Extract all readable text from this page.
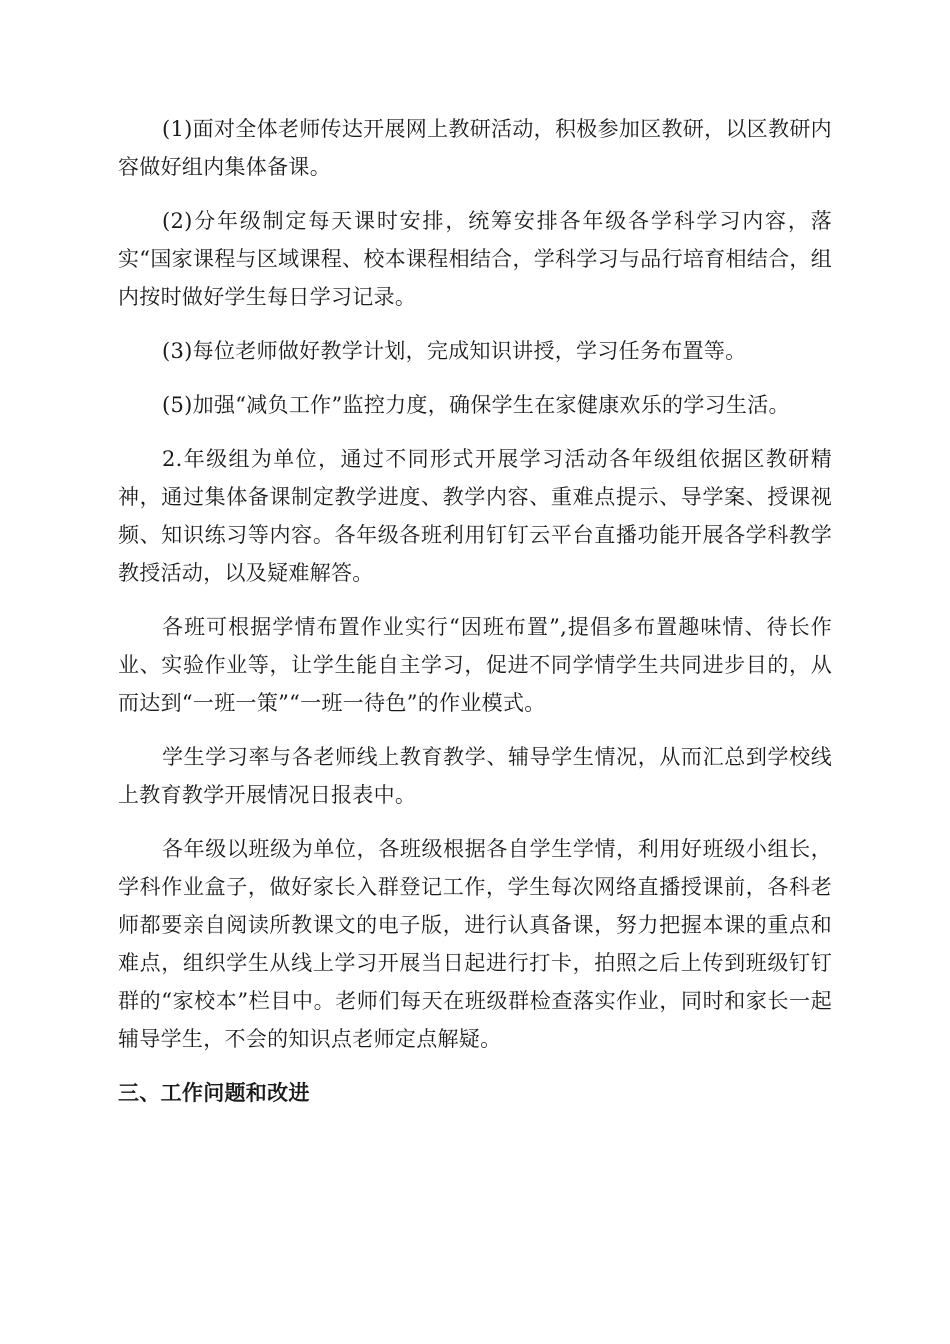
(1)面对全体老师传达开展网上教研活动，积极参加区教研，以区教研内容做好组内集体备课。

(2)分年级制定每天课时安排，统筹安排各年级各学科学习内容，落实“国家课程与区域课程、校本课程相结合，学科学习与品行培育相结合，组内按时做好学生每日学习记录。

(3)每位老师做好教学计划，完成知识讲授，学习任务布置等。

(5)加强“减负工作”监控力度，确保学生在家健康欢乐的学习生活。

2.年级组为单位，通过不同形式开展学习活动各年级组依据区教研精神，通过集体备课制定教学进度、教学内容、重难点提示、导学案、授课视频、知识练习等内容。各年级各班利用钉钉云平台直播功能开展各学科教学教授活动，以及疑难解答。

各班可根据学情布置作业实行“因班布置”,提倡多布置趣味情、待长作业、实验作业等，让学生能自主学习，促进不同学情学生共同进步目的，从而达到“一班一策”“一班一待色”的作业模式。

学生学习率与各老师线上教育教学、辅导学生情况，从而汇总到学校线上教育教学开展情况日报表中。

各年级以班级为单位，各班级根据各自学生学情，利用好班级小组长，学科作业盒子，做好家长入群登记工作，学生每次网络直播授课前，各科老师都要亲自阅读所教课文的电子版，进行认真备课，努力把握本课的重点和难点，组织学生从线上学习开展当日起进行打卡，拍照之后上传到班级钉钉群的“家校本”栏目中。老师们每天在班级群检查落实作业，同时和家长一起辅导学生，不会的知识点老师定点解疑。

三、工作问题和改进
